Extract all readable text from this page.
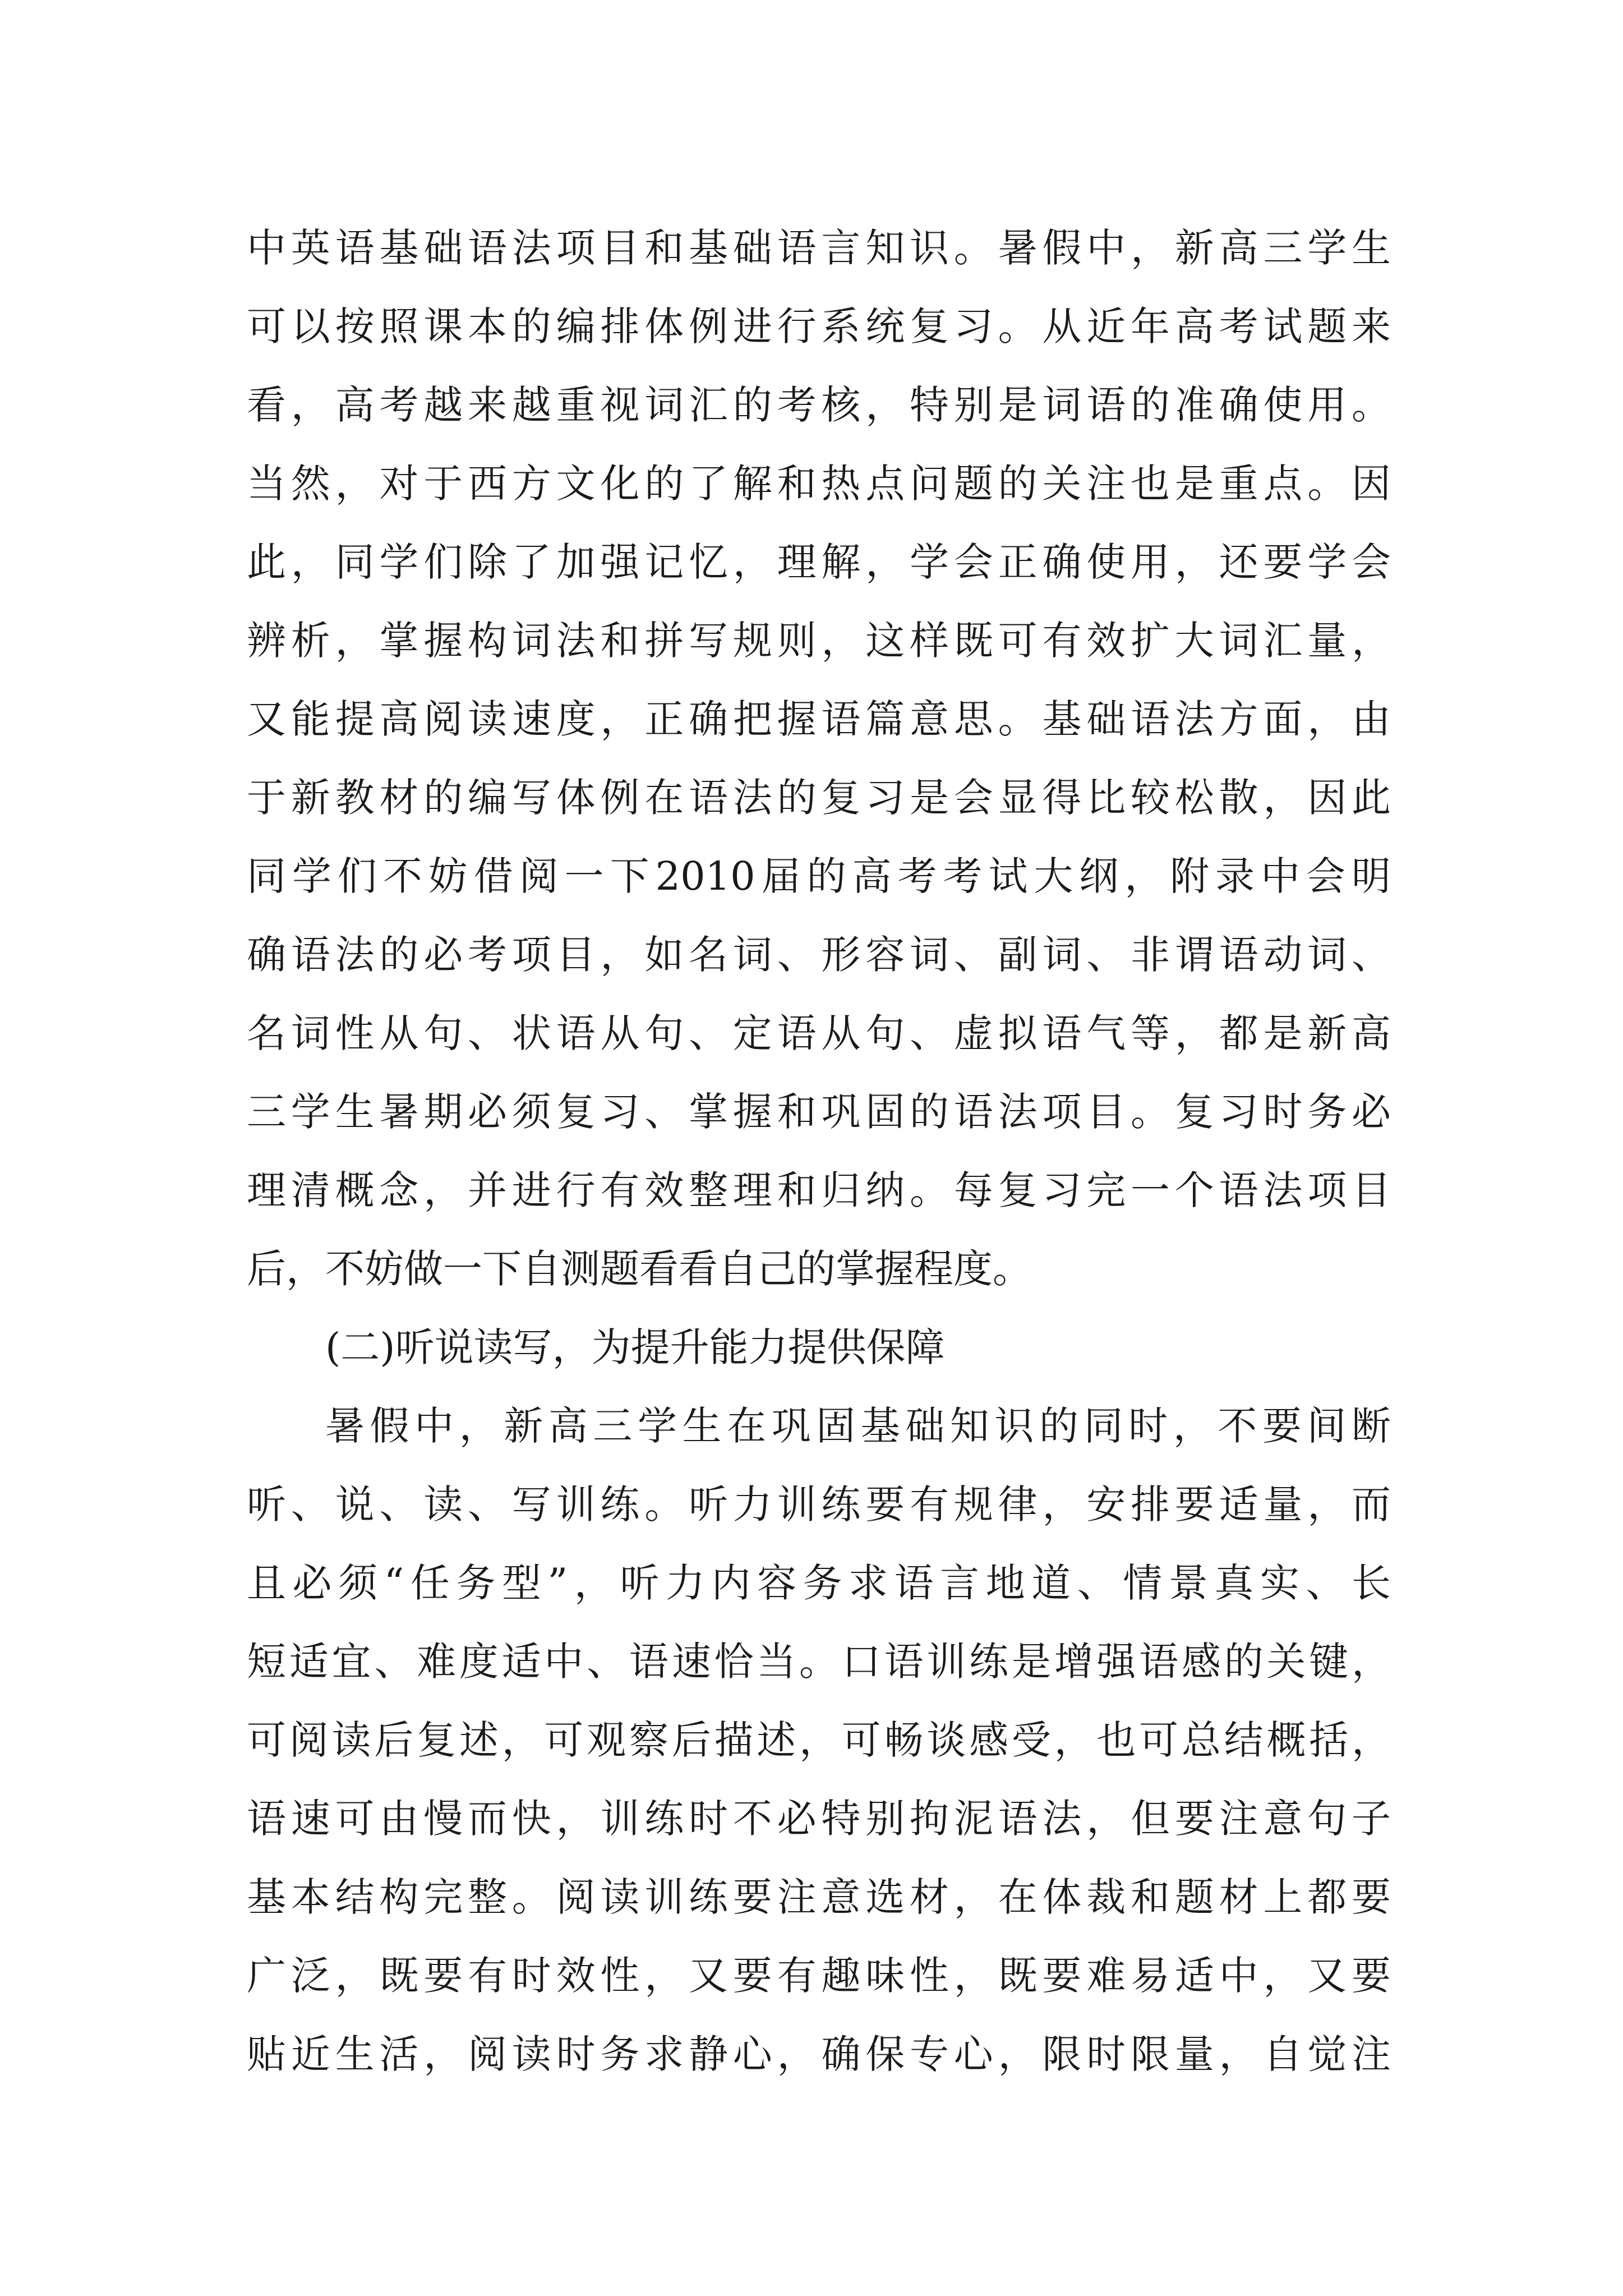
中英语基础语法项目和基础语言知识。暑假中，新高三学生
可以按照课本的编排体例进行系统复习。从近年高考试题来
看，高考越来越重视词汇的考核，特别是词语的准确使用。
当然，对于西方文化的了解和热点问题的关注也是重点。因
此，同学们除了加强记忆，理解，学会正确使用，还要学会
辨析，掌握构词法和拼写规则，这样既可有效扩大词汇量，
又能提高阅读速度，正确把握语篇意思。基础语法方面，由
于新教材的编写体例在语法的复习是会显得比较松散，因此
同学们不妨借阅一下2010届的高考考试大纲，附录中会明
确语法的必考项目，如名词、形容词、副词、非谓语动词、
名词性从句、状语从句、定语从句、虚拟语气等，都是新高
三学生暑期必须复习、掌握和巩固的语法项目。复习时务必
理清概念，并进行有效整理和归纳。每复习完一个语法项目
后，不妨做一下自测题看看自己的掌握程度。
(二)听说读写，为提升能力提供保障
暑假中，新高三学生在巩固基础知识的同时，不要间断
听、说、读、写训练。听力训练要有规律，安排要适量，而
且必须“任务型”，听力内容务求语言地道、情景真实、长
短适宜、难度适中、语速恰当。口语训练是增强语感的关键，
可阅读后复述，可观察后描述，可畅谈感受，也可总结概括，
语速可由慢而快，训练时不必特别拘泥语法，但要注意句子
基本结构完整。阅读训练要注意选材，在体裁和题材上都要
广泛，既要有时效性，又要有趣味性，既要难易适中，又要
贴近生活，阅读时务求静心，确保专心，限时限量，自觉注
